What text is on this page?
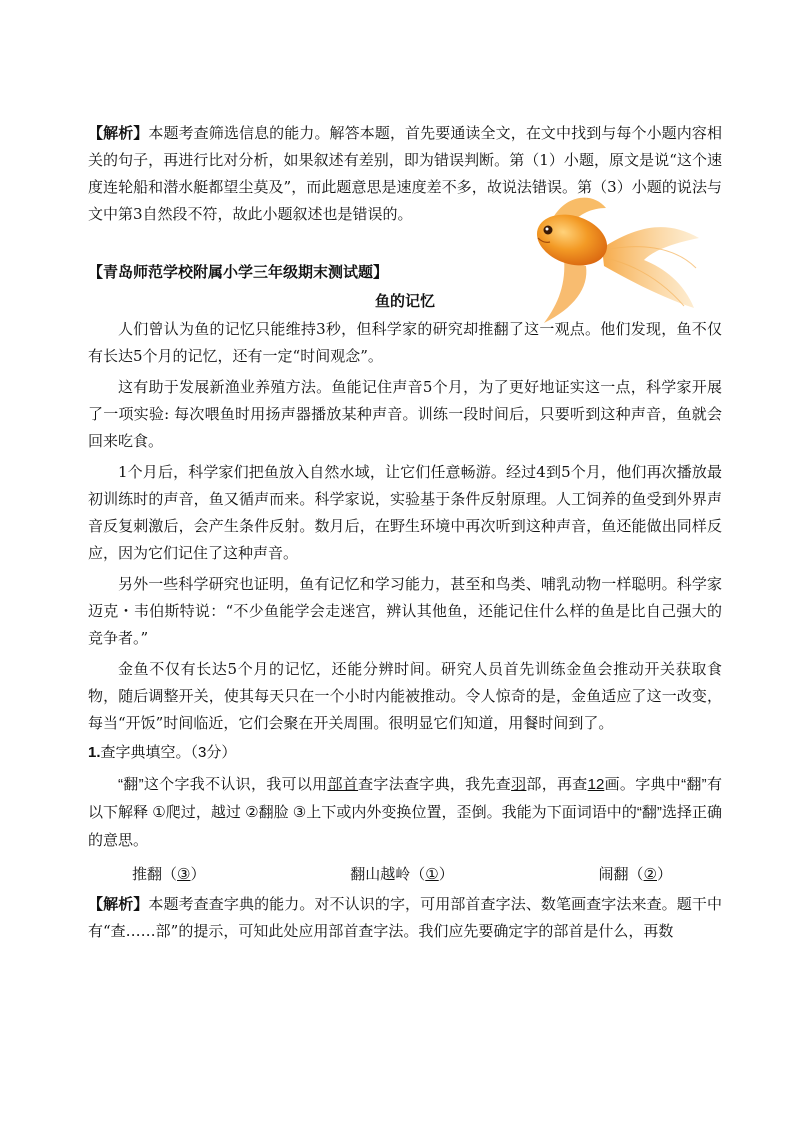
【解析】本题考查筛选信息的能力。解答本题，首先要通读全文，在文中找到与每个小题内容相关的句子，再进行比对分析，如果叙述有差别，即为错误判断。第（1）小题，原文是说“这个速度连轮船和潜水艇都望尘莫及”，而此题意思是速度差不多，故说法错误。第（3）小题的说法与文中第3自然段不符，故此小题叙述也是错误的。

【青岛师范学校附属小学三年级期末测试题】
鱼的记忆

人们曾认为鱼的记忆只能维持3秒，但科学家的研究却推翻了这一观点。他们发现，鱼不仅有长达5个月的记忆，还有一定“时间观念”。

这有助于发展新渔业养殖方法。鱼能记住声音5个月，为了更好地证实这一点，科学家开展了一项实验: 每次喂鱼时用扬声器播放某种声音。训练一段时间后，只要听到这种声音，鱼就会回来吃食。

1个月后，科学家们把鱼放入自然水域，让它们任意畅游。经过4到5个月，他们再次播放最初训练时的声音，鱼又循声而来。科学家说，实验基于条件反射原理。人工饲养的鱼受到外界声音反复刺激后，会产生条件反射。数月后，在野生环境中再次听到这种声音，鱼还能做出同样反应，因为它们记住了这种声音。

另外一些科学研究也证明，鱼有记忆和学习能力，甚至和鸟类、哺乳动物一样聪明。科学家迈克・韦伯斯特说：“不少鱼能学会走迷宫，辨认其他鱼，还能记住什么样的鱼是比自己强大的竞争者。”

金鱼不仅有长达5个月的记忆，还能分辨时间。研究人员首先训练金鱼会推动开关获取食物，随后调整开关，使其每天只在一个小时内能被推动。令人惊奇的是，金鱼适应了这一改变，每当“开饭”时间临近，它们会聚在开关周围。很明显它们知道，用餐时间到了。

1.查字典填空。（3分）

“翻”这个字我不认识，我可以用部首查字法查字典，我先查羽部，再查12画。字典中“翻”有以下解释 ①爬过，越过 ②翻脸 ③上下或内外变换位置，歪倒。我能为下面词语中的“翻”选择正确的意思。

推翻（③）	翻山越岭（①）	闹翻（②）

【解析】本题考查查字典的能力。对不认识的字，可用部首查字法、数笔画查字法来查。题干中有“查……部”的提示，可知此处应用部首查字法。我们应先要确定字的部首是什么，再数
